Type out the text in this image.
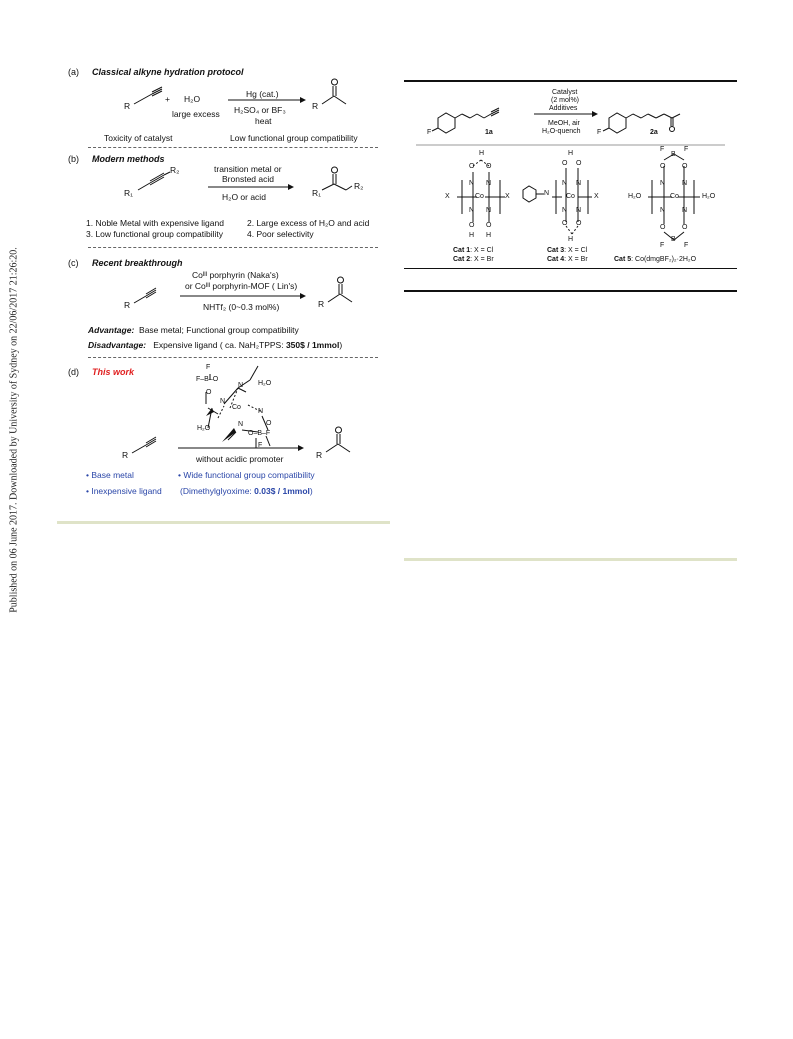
Published on 06 June 2017. Downloaded by University of Sydney on 22/06/2017 21:26:20.
(a) Classical alkyne hydration protocol
R
+ H₂O
large excess
Hg (cat.)
H₂SO₄ or BF₃
heat
R
Toxicity of catalyst	Low functional group compatibility
(b) Modern methods
R₁
R₂	transition metal or
Bronsted acid
H₂O or acid	R₁
R₂
1. Noble Metal with expensive ligand	2. Large excess of H₂O and acid
3. Low functional group compatibility	4. Poor selectivity
(c) Recent breakthrough
R
Coᴵᴵᴵ porphyrin (Naka's)
or Coᴵᴵᴵ porphyrin-MOF ( Lin's)
NHTf₂ (0~0.3 mol%)	R
Advantage: Base metal; Functional group compatibility
Disadvantage: Expensive ligand ( ca. NaH₂TPPS: 350$ / 1mmol)
(d) This work	F
F–B–O
O
N
N H₂O
Co
N
H₂O
N
O–B–F
O
F
R	without acidic promoter	R
• Base metal
• Inexpensive ligand
• Wide functional group compatibility
(Dimethylglyoxime: 0.03$ / 1mmol)
F	1a
Catalyst
(2 mol%)
Additives
MeOH, air
H₂O-quench F	2a
H
O O
N N
X	Co	X
N N
O O
H H
H
O O
N N
N Co	X
N N
O O
H
F	F
B
O O
N N
H₂O	Co	H₂O
N N
O O
B
F	F
Cat 1: X = Cl
Cat 2: X = Br
Cat 3: X = Cl
Cat 4: X = Br	Cat 5: Co(dmgBF₂)₂·2H₂O
